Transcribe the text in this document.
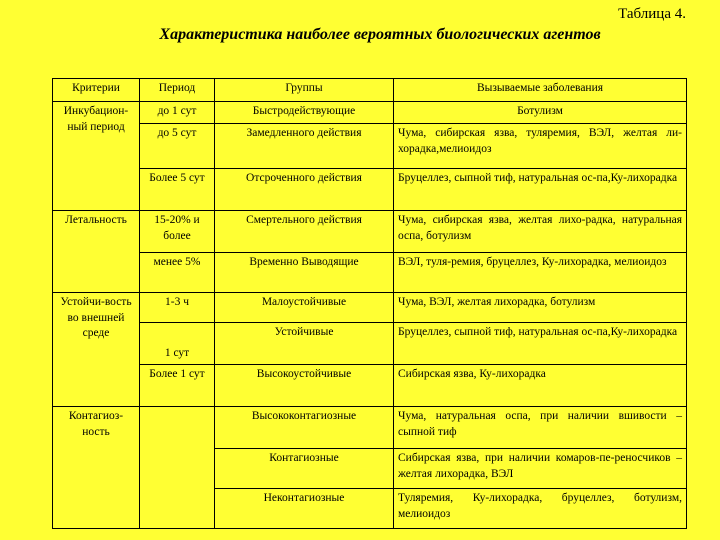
Таблица 4.
Характеристика наиболее вероятных биологических агентов
Критерии	Период	Группы	Вызываемые заболевания
Инкубацион-ный период	до 1 сут	Быстродействующие	Ботулизм
	до 5 сут	Замедленного действия	Чума, сибирская язва, туляремия, ВЭЛ, желтая ли-хорадка,мелиоидоз
	Более 5 сут	Отсроченного действия	Бруцеллез, сыпной тиф, натуральная ос-па,Ку-лихорадка
Летальность	15-20% и более	Смертельного действия	Чума, сибирская язва, желтая лихо-радка, натуральная оспа, ботулизм
	менее 5%	Временно Выводящие	ВЭЛ, туля-ремия, бруцеллез, Ку-лихорадка, мелиоидоз
Устойчи-вость во внешней среде	1-3 ч	Малоустойчивые	Чума, ВЭЛ, желтая лихорадка, ботулизм
	1 сут	Устойчивые	Бруцеллез, сыпной тиф, натуральная ос-па,Ку-лихорадка
	Более 1 сут	Высокоустойчивые	Сибирская язва, Ку-лихорадка
Контагиоз-ность		Высококонтагиозные	Чума, натуральная оспа, при наличии вшивости – сыпной тиф
		Контагиозные	Сибирская язва, при наличии комаров-пе-реносчиков – желтая лихорадка, ВЭЛ
		Неконтагиозные	Туляремия, Ку-лихорадка, бруцеллез, ботулизм, мелиоидоз
